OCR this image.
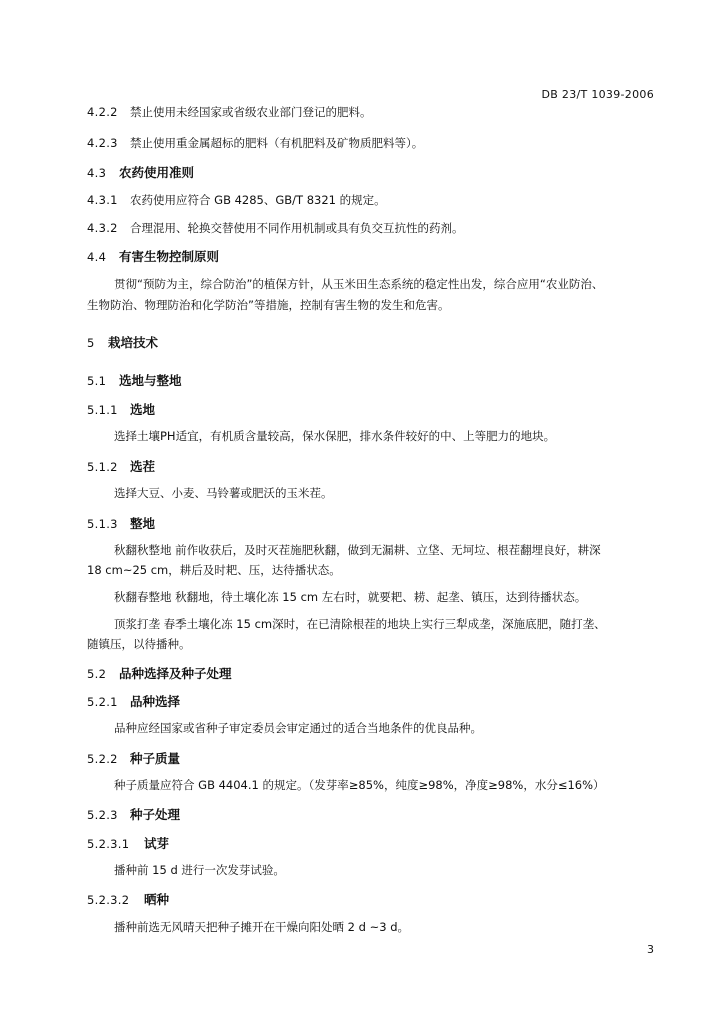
DB 23/T 1039-2006
4.2.2 禁止使用未经国家或省级农业部门登记的肥料。
4.2.3 禁止使用重金属超标的肥料（有机肥料及矿物质肥料等）。
4.3 农药使用准则
4.3.1 农药使用应符合 GB 4285、GB/T 8321 的规定。
4.3.2 合理混用、轮换交替使用不同作用机制或具有负交互抗性的药剂。
4.4 有害生物控制原则
贯彻“预防为主，综合防治”的植保方针，从玉米田生态系统的稳定性出发，综合应用“农业防治、
生物防治、物理防治和化学防治”等措施，控制有害生物的发生和危害。
5 栽培技术
5.1 选地与整地
5.1.1 选地
选择土壤PH适宜，有机质含量较高，保水保肥，排水条件较好的中、上等肥力的地块。
5.1.2 选茬
选择大豆、小麦、马铃薯或肥沃的玉米茬。
5.1.3 整地
秋翻秋整地 前作收获后，及时灭茬施肥秋翻，做到无漏耕、立垡、无坷垃、根茬翻埋良好，耕深
18 cm~25 cm，耕后及时耙、压，达待播状态。
秋翻春整地 秋翻地，待土壤化冻 15 cm 左右时，就要耙、耢、起垄、镇压，达到待播状态。
顶浆打垄 春季土壤化冻 15 cm深时，在已清除根茬的地块上实行三犁成垄，深施底肥，随打垄、
随镇压，以待播种。
5.2 品种选择及种子处理
5.2.1 品种选择
品种应经国家或省种子审定委员会审定通过的适合当地条件的优良品种。
5.2.2 种子质量
种子质量应符合 GB 4404.1 的规定。（发芽率≥85%，纯度≥98%，净度≥98%，水分≤16%）
5.2.3 种子处理
5.2.3.1 试芽
播种前 15 d 进行一次发芽试验。
5.2.3.2 晒种
播种前选无风晴天把种子摊开在干燥向阳处晒 2 d ~3 d。
3
